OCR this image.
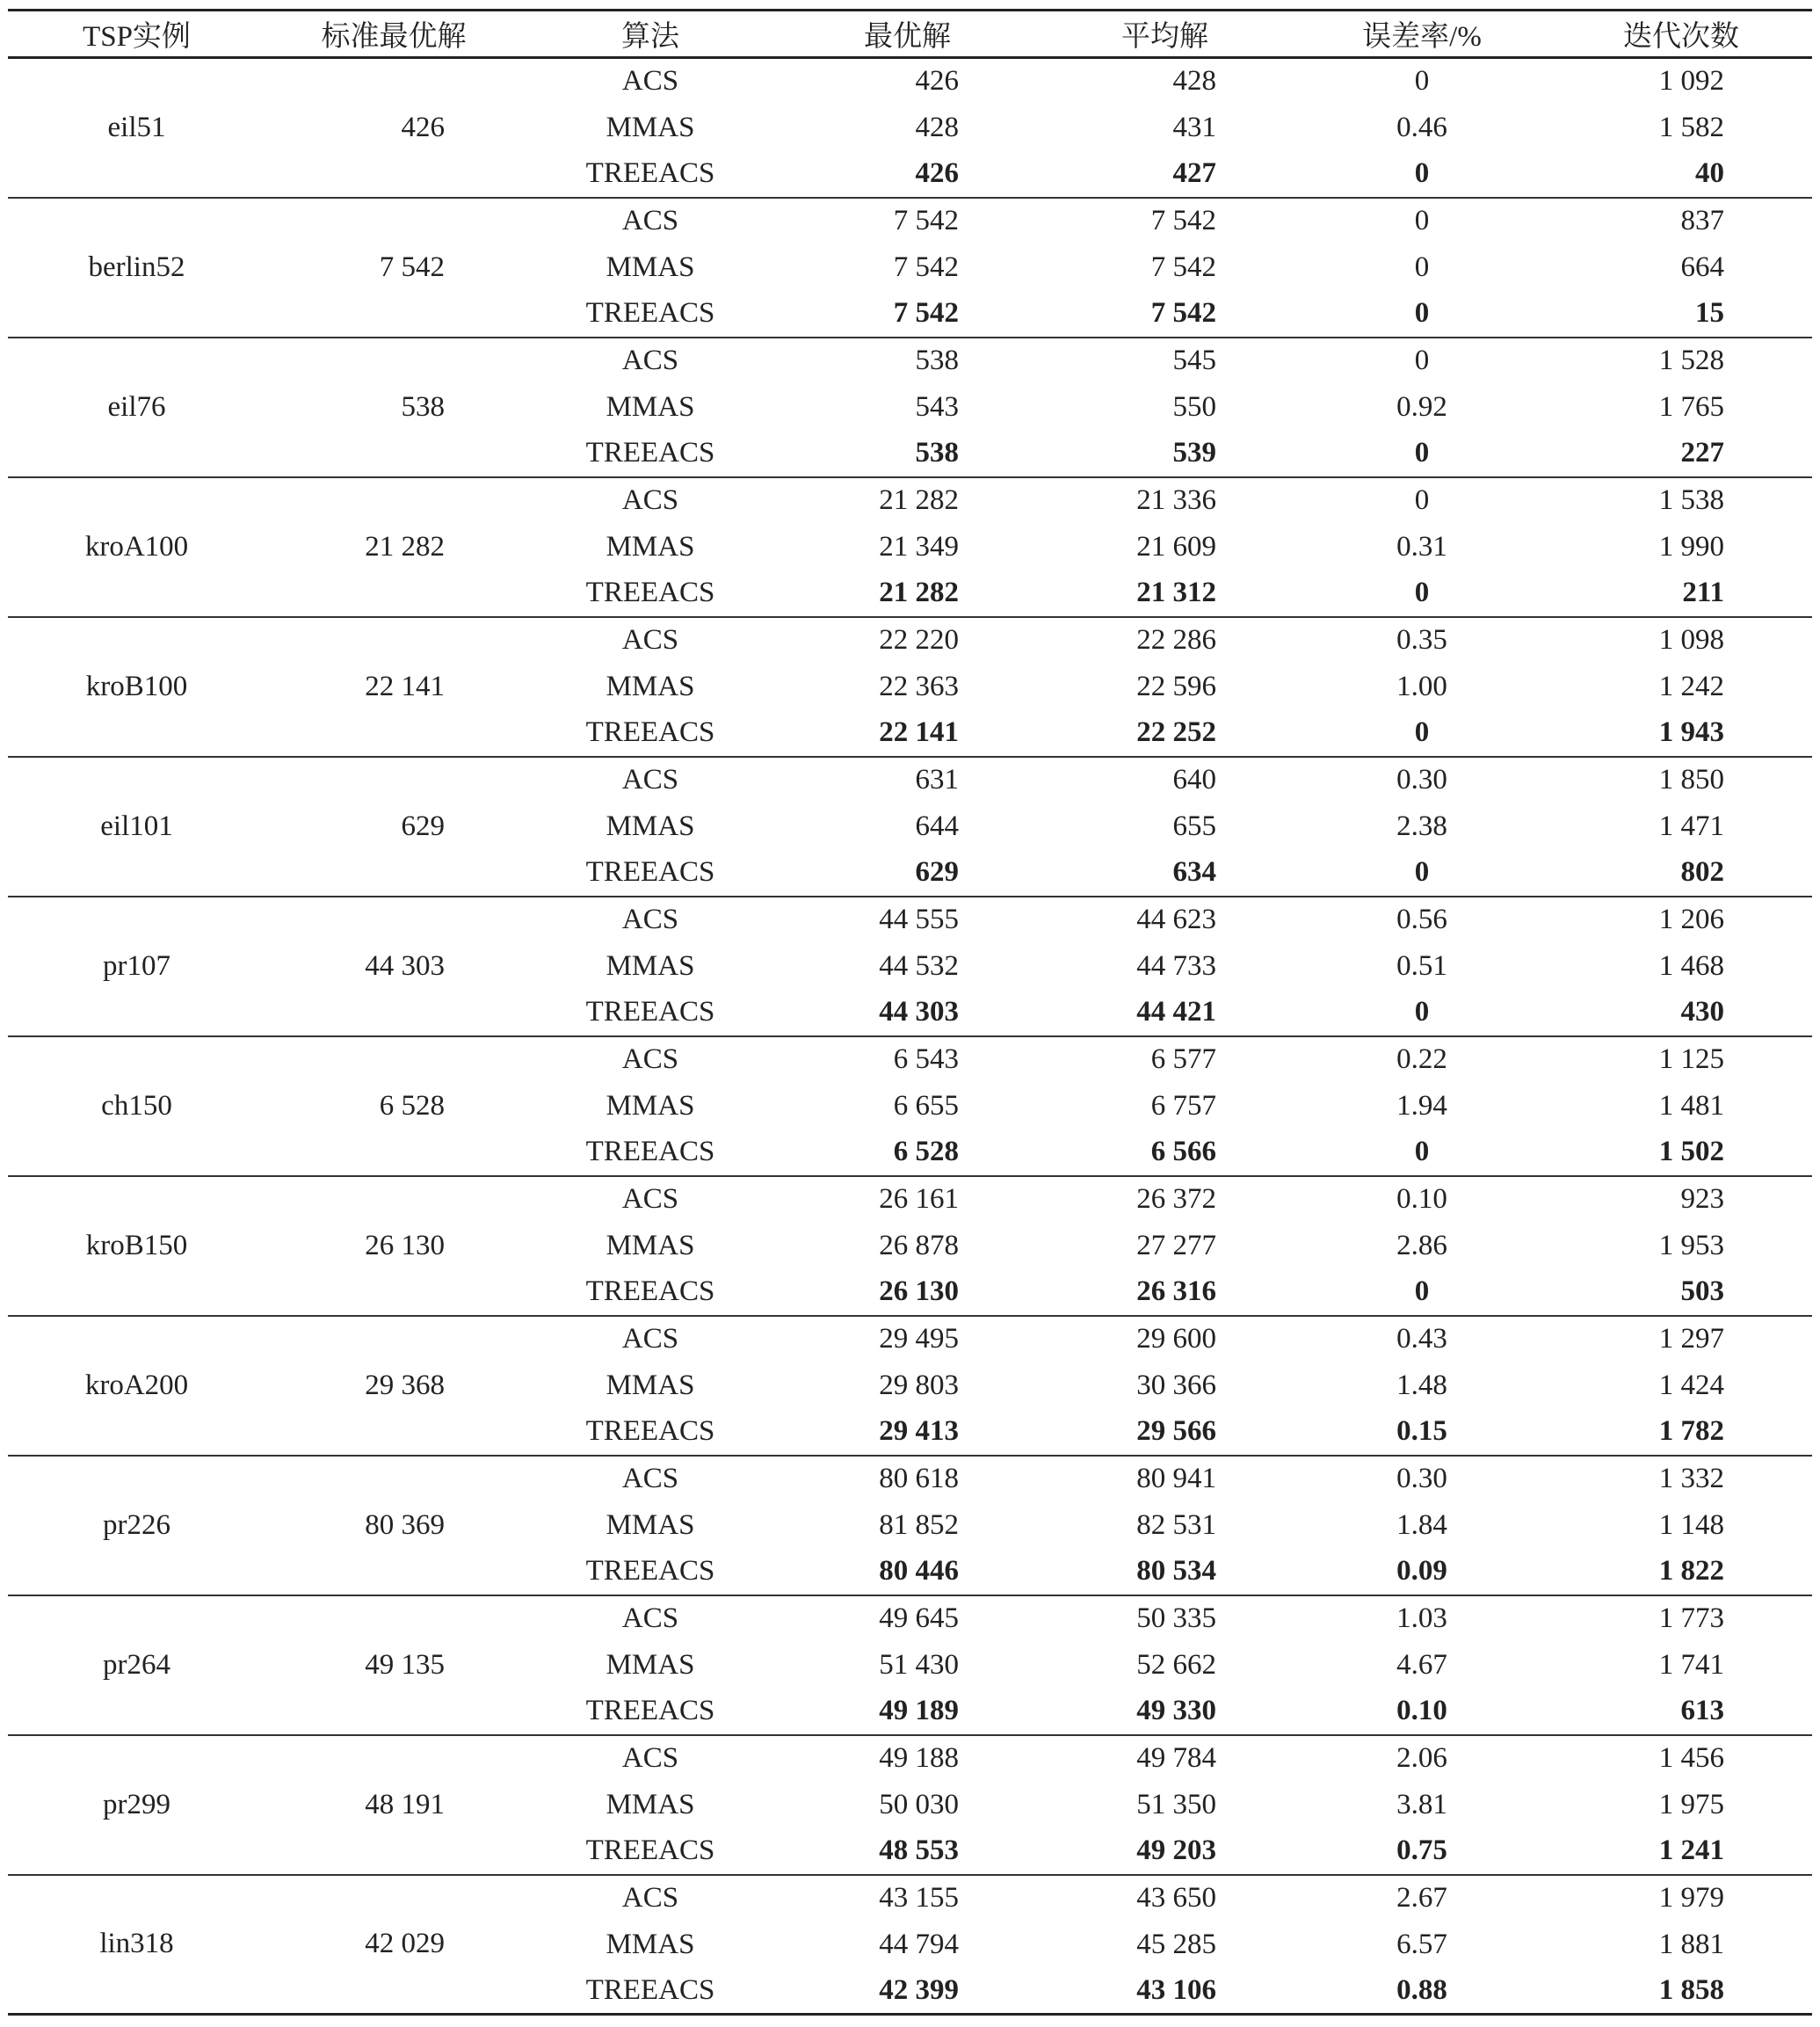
TSP实例	标准最优解	算法	最优解	平均解	误差率/%	迭代次数
eil51	426	ACS	426	428	0	1 092
		MMAS	428	431	0.46	1 582
		TREEACS	426	427	0	40
berlin52	7 542	ACS	7 542	7 542	0	837
		MMAS	7 542	7 542	0	664
		TREEACS	7 542	7 542	0	15
eil76	538	ACS	538	545	0	1 528
		MMAS	543	550	0.92	1 765
		TREEACS	538	539	0	227
kroA100	21 282	ACS	21 282	21 336	0	1 538
		MMAS	21 349	21 609	0.31	1 990
		TREEACS	21 282	21 312	0	211
kroB100	22 141	ACS	22 220	22 286	0.35	1 098
		MMAS	22 363	22 596	1.00	1 242
		TREEACS	22 141	22 252	0	1 943
eil101	629	ACS	631	640	0.30	1 850
		MMAS	644	655	2.38	1 471
		TREEACS	629	634	0	802
pr107	44 303	ACS	44 555	44 623	0.56	1 206
		MMAS	44 532	44 733	0.51	1 468
		TREEACS	44 303	44 421	0	430
ch150	6 528	ACS	6 543	6 577	0.22	1 125
		MMAS	6 655	6 757	1.94	1 481
		TREEACS	6 528	6 566	0	1 502
kroB150	26 130	ACS	26 161	26 372	0.10	923
		MMAS	26 878	27 277	2.86	1 953
		TREEACS	26 130	26 316	0	503
kroA200	29 368	ACS	29 495	29 600	0.43	1 297
		MMAS	29 803	30 366	1.48	1 424
		TREEACS	29 413	29 566	0.15	1 782
pr226	80 369	ACS	80 618	80 941	0.30	1 332
		MMAS	81 852	82 531	1.84	1 148
		TREEACS	80 446	80 534	0.09	1 822
pr264	49 135	ACS	49 645	50 335	1.03	1 773
		MMAS	51 430	52 662	4.67	1 741
		TREEACS	49 189	49 330	0.10	613
pr299	48 191	ACS	49 188	49 784	2.06	1 456
		MMAS	50 030	51 350	3.81	1 975
		TREEACS	48 553	49 203	0.75	1 241
lin318	42 029	ACS	43 155	43 650	2.67	1 979
		MMAS	44 794	45 285	6.57	1 881
		TREEACS	42 399	43 106	0.88	1 858
